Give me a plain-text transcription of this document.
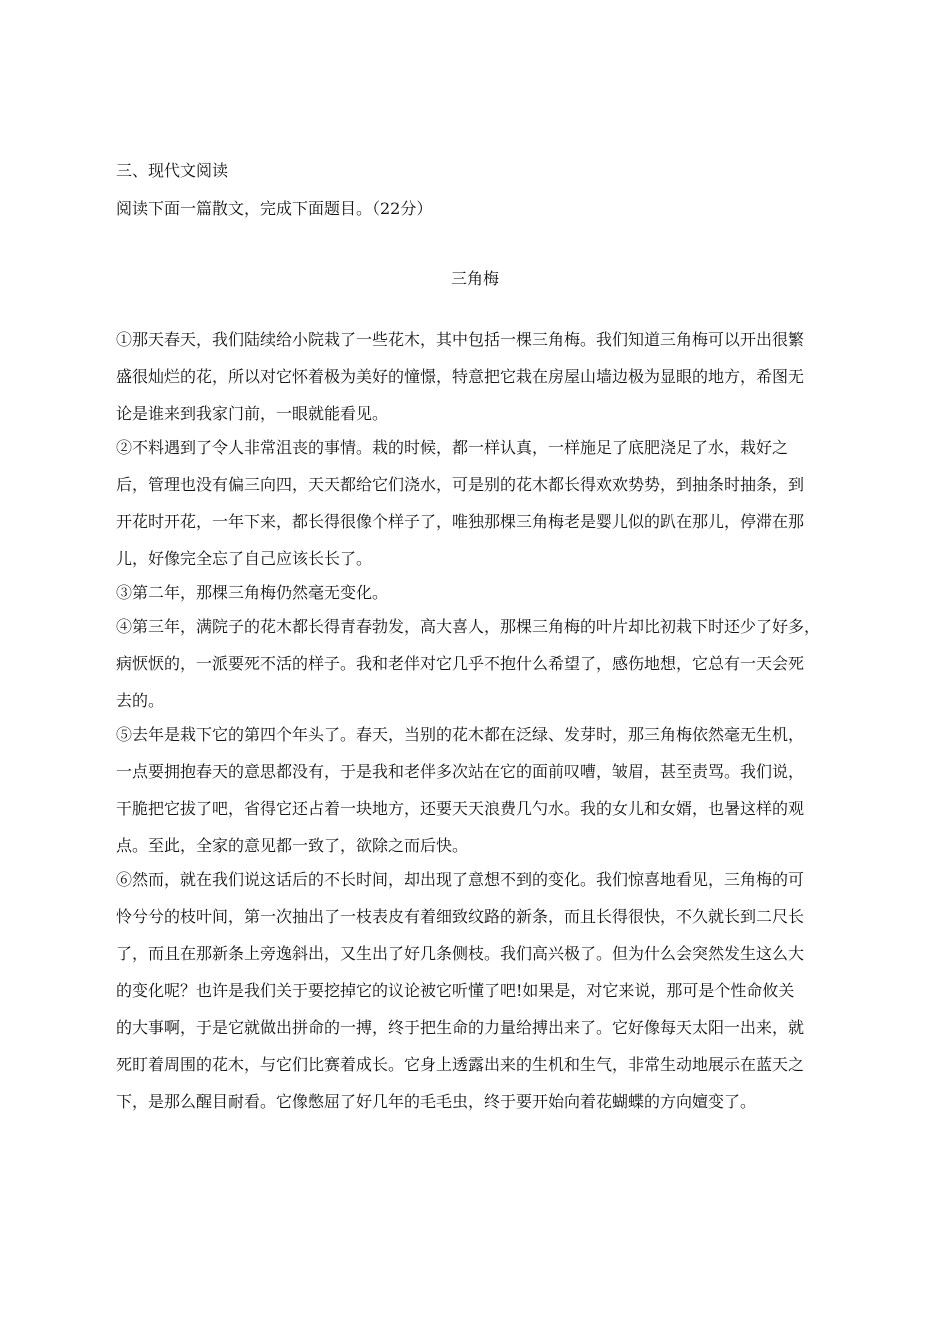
三、现代文阅读
阅读下面一篇散文，完成下面题目。（22分）
三角梅
①那天春天，我们陆续给小院栽了一些花木，其中包括一棵三角梅。我们知道三角梅可以开出很繁
盛很灿烂的花，所以对它怀着极为美好的憧憬，特意把它栽在房屋山墙边极为显眼的地方，希图无
论是谁来到我家门前，一眼就能看见。
②不料遇到了令人非常沮丧的事情。栽的时候，都一样认真，一样施足了底肥浇足了水，栽好之
后，管理也没有偏三向四，天天都给它们浇水，可是别的花木都长得欢欢势势，到抽条时抽条，到
开花时开花，一年下来，都长得很像个样子了，唯独那棵三角梅老是婴儿似的趴在那儿，停滞在那
儿，好像完全忘了自己应该长长了。
③第二年，那棵三角梅仍然毫无变化。
④第三年，满院子的花木都长得青春勃发，高大喜人，那棵三角梅的叶片却比初栽下时还少了好多，
病恹恹的，一派要死不活的样子。我和老伴对它几乎不抱什么希望了，感伤地想，它总有一天会死
去的。
⑤去年是栽下它的第四个年头了。春天，当别的花木都在泛绿、发芽时，那三角梅依然毫无生机，
一点要拥抱春天的意思都没有，于是我和老伴多次站在它的面前叹嘈，皱眉，甚至责骂。我们说，
干脆把它拔了吧，省得它还占着一块地方，还要天天浪费几勺水。我的女儿和女婿，也暑这样的观
点。至此，全家的意见都一致了，欲除之而后快。
⑥然而，就在我们说这话后的不长时间，却出现了意想不到的变化。我们惊喜地看见，三角梅的可
怜兮兮的枝叶间，第一次抽出了一枝表皮有着细致纹路的新条，而且长得很快，不久就长到二尺长
了，而且在那新条上旁逸斜出，又生出了好几条侧枝。我们高兴极了。但为什么会突然发生这么大
的变化呢？也许是我们关于要挖掉它的议论被它听懂了吧!如果是，对它来说，那可是个性命攸关
的大事啊，于是它就做出拼命的一搏，终于把生命的力量给搏出来了。它好像每天太阳一出来，就
死盯着周围的花木，与它们比赛着成长。它身上透露出来的生机和生气，非常生动地展示在蓝天之
下，是那么醒目耐看。它像憋屈了好几年的毛毛虫，终于要开始向着花蝴蝶的方向嬗变了。
